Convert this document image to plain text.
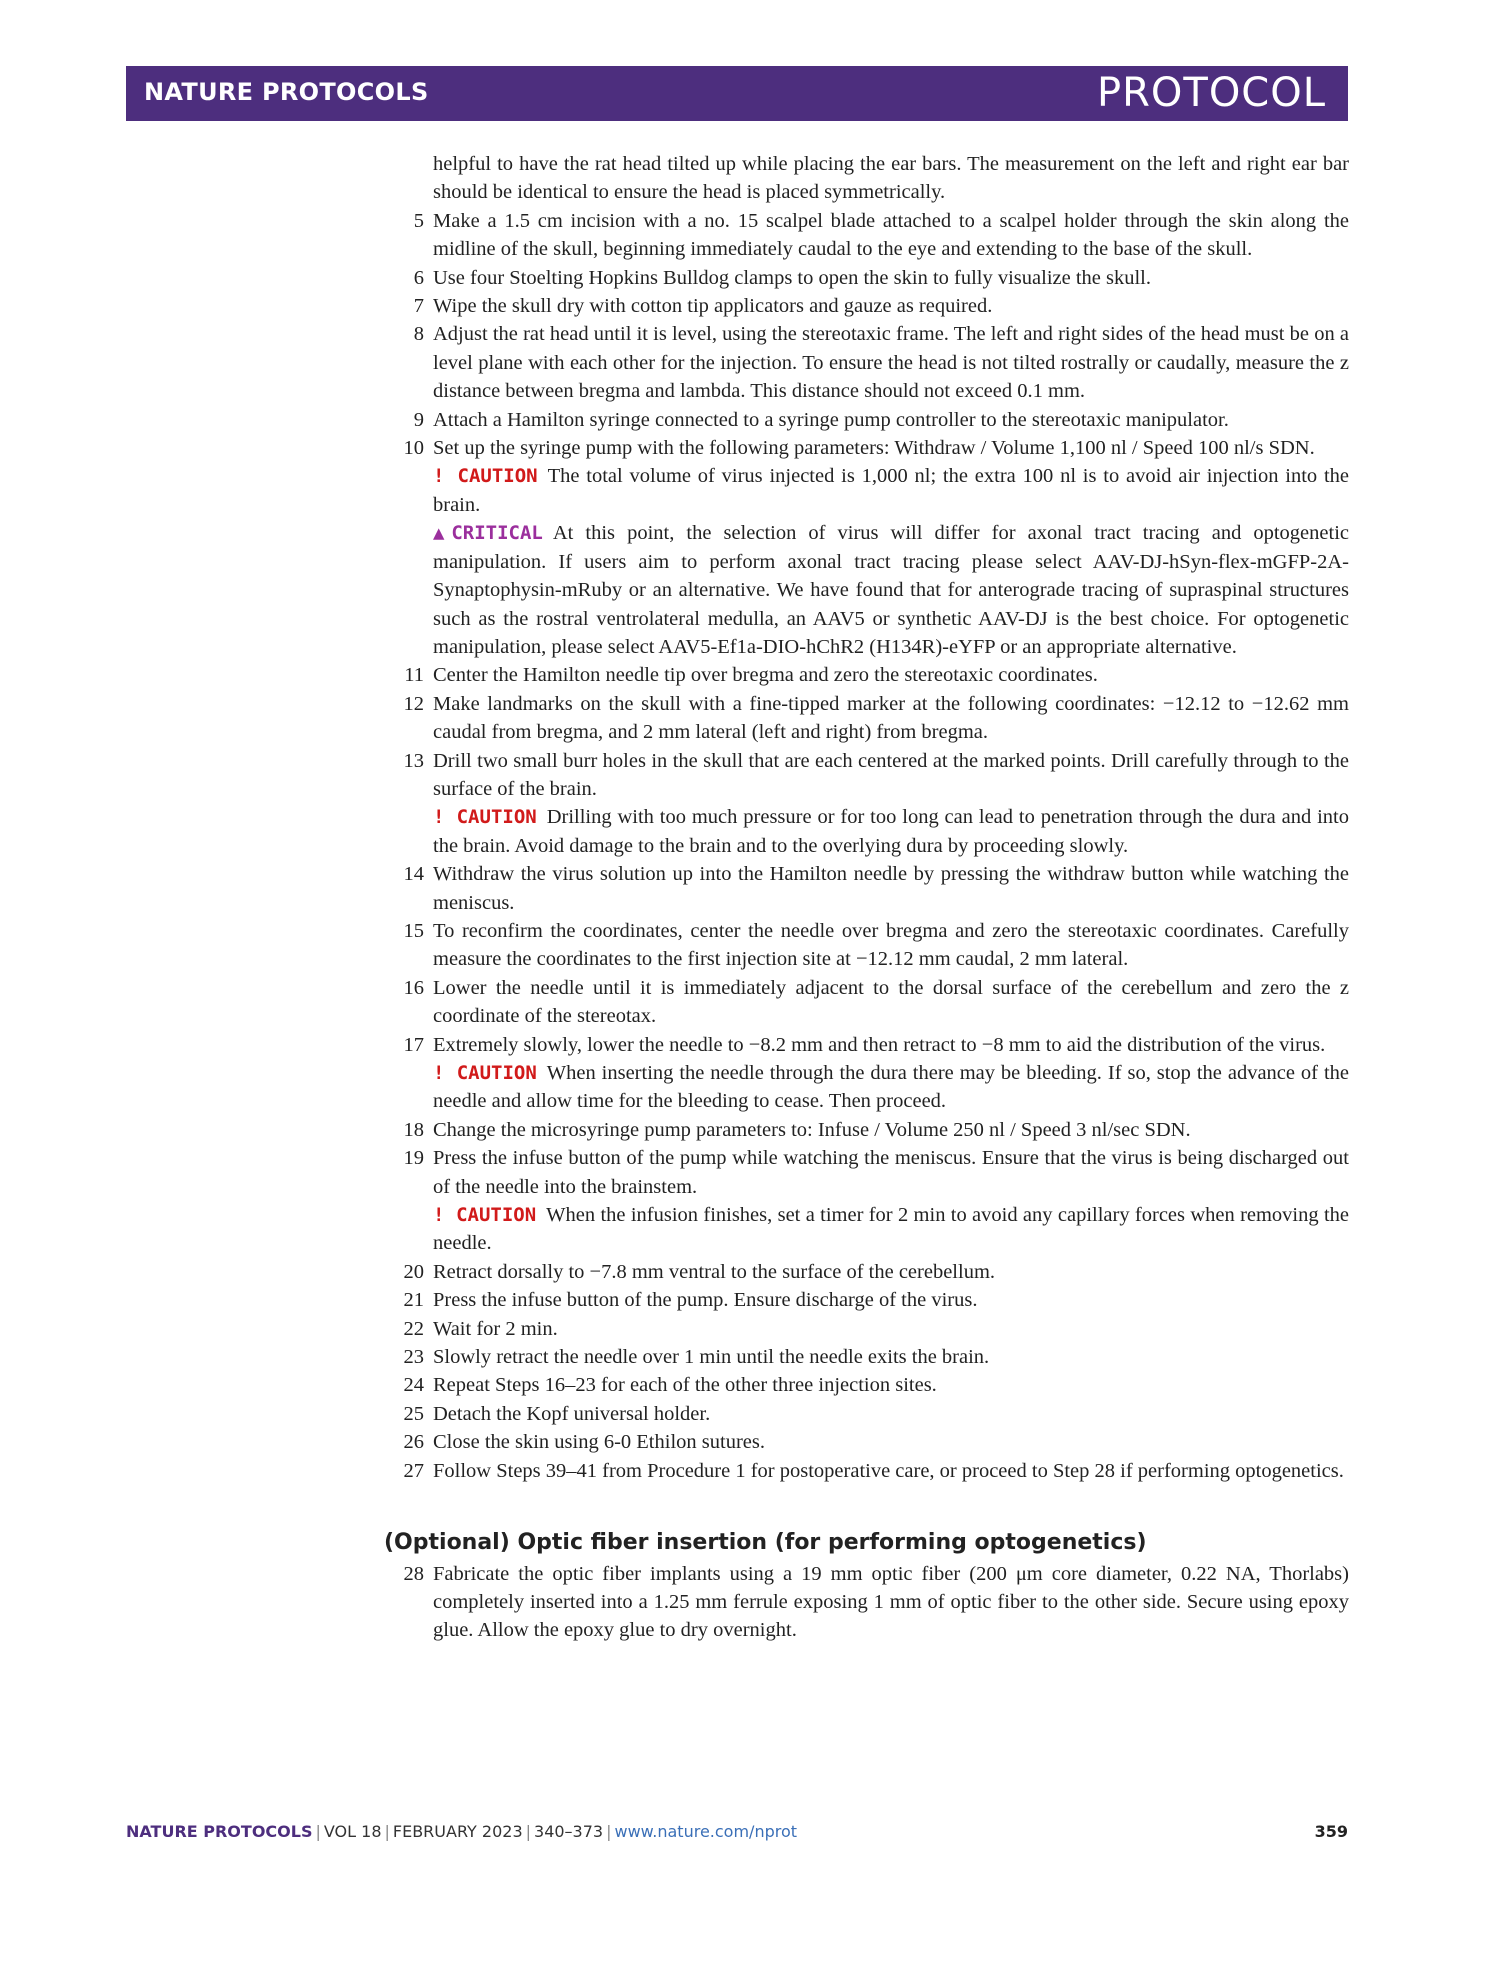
NATURE PROTOCOLS	PROTOCOL
helpful to have the rat head tilted up while placing the ear bars. The measurement on the left and right ear bar should be identical to ensure the head is placed symmetrically.
5 Make a 1.5 cm incision with a no. 15 scalpel blade attached to a scalpel holder through the skin along the midline of the skull, beginning immediately caudal to the eye and extending to the base of the skull.
6 Use four Stoelting Hopkins Bulldog clamps to open the skin to fully visualize the skull.
7 Wipe the skull dry with cotton tip applicators and gauze as required.
8 Adjust the rat head until it is level, using the stereotaxic frame. The left and right sides of the head must be on a level plane with each other for the injection. To ensure the head is not tilted rostrally or caudally, measure the z distance between bregma and lambda. This distance should not exceed 0.1 mm.
9 Attach a Hamilton syringe connected to a syringe pump controller to the stereotaxic manipulator.
10 Set up the syringe pump with the following parameters: Withdraw / Volume 1,100 nl / Speed 100 nl/s SDN.
! CAUTION The total volume of virus injected is 1,000 nl; the extra 100 nl is to avoid air injection into the brain.
▲CRITICAL At this point, the selection of virus will differ for axonal tract tracing and optogenetic manipulation. If users aim to perform axonal tract tracing please select AAV-DJ-hSyn-flex-mGFP-2A-Synaptophysin-mRuby or an alternative. We have found that for anterograde tracing of supraspinal structures such as the rostral ventrolateral medulla, an AAV5 or synthetic AAV-DJ is the best choice. For optogenetic manipulation, please select AAV5-Ef1a-DIO-hChR2 (H134R)-eYFP or an appropriate alternative.
11 Center the Hamilton needle tip over bregma and zero the stereotaxic coordinates.
12 Make landmarks on the skull with a fine-tipped marker at the following coordinates: −12.12 to −12.62 mm caudal from bregma, and 2 mm lateral (left and right) from bregma.
13 Drill two small burr holes in the skull that are each centered at the marked points. Drill carefully through to the surface of the brain.
! CAUTION Drilling with too much pressure or for too long can lead to penetration through the dura and into the brain. Avoid damage to the brain and to the overlying dura by proceeding slowly.
14 Withdraw the virus solution up into the Hamilton needle by pressing the withdraw button while watching the meniscus.
15 To reconfirm the coordinates, center the needle over bregma and zero the stereotaxic coordinates. Carefully measure the coordinates to the first injection site at −12.12 mm caudal, 2 mm lateral.
16 Lower the needle until it is immediately adjacent to the dorsal surface of the cerebellum and zero the z coordinate of the stereotax.
17 Extremely slowly, lower the needle to −8.2 mm and then retract to −8 mm to aid the distribution of the virus.
! CAUTION When inserting the needle through the dura there may be bleeding. If so, stop the advance of the needle and allow time for the bleeding to cease. Then proceed.
18 Change the microsyringe pump parameters to: Infuse / Volume 250 nl / Speed 3 nl/sec SDN.
19 Press the infuse button of the pump while watching the meniscus. Ensure that the virus is being discharged out of the needle into the brainstem.
! CAUTION When the infusion finishes, set a timer for 2 min to avoid any capillary forces when removing the needle.
20 Retract dorsally to −7.8 mm ventral to the surface of the cerebellum.
21 Press the infuse button of the pump. Ensure discharge of the virus.
22 Wait for 2 min.
23 Slowly retract the needle over 1 min until the needle exits the brain.
24 Repeat Steps 16–23 for each of the other three injection sites.
25 Detach the Kopf universal holder.
26 Close the skin using 6-0 Ethilon sutures.
27 Follow Steps 39–41 from Procedure 1 for postoperative care, or proceed to Step 28 if performing optogenetics.
(Optional) Optic fiber insertion (for performing optogenetics)
28 Fabricate the optic fiber implants using a 19 mm optic fiber (200 μm core diameter, 0.22 NA, Thorlabs) completely inserted into a 1.25 mm ferrule exposing 1 mm of optic fiber to the other side. Secure using epoxy glue. Allow the epoxy glue to dry overnight.
NATURE PROTOCOLS | VOL 18 | FEBRUARY 2023 | 340–373 | www.nature.com/nprot	359
